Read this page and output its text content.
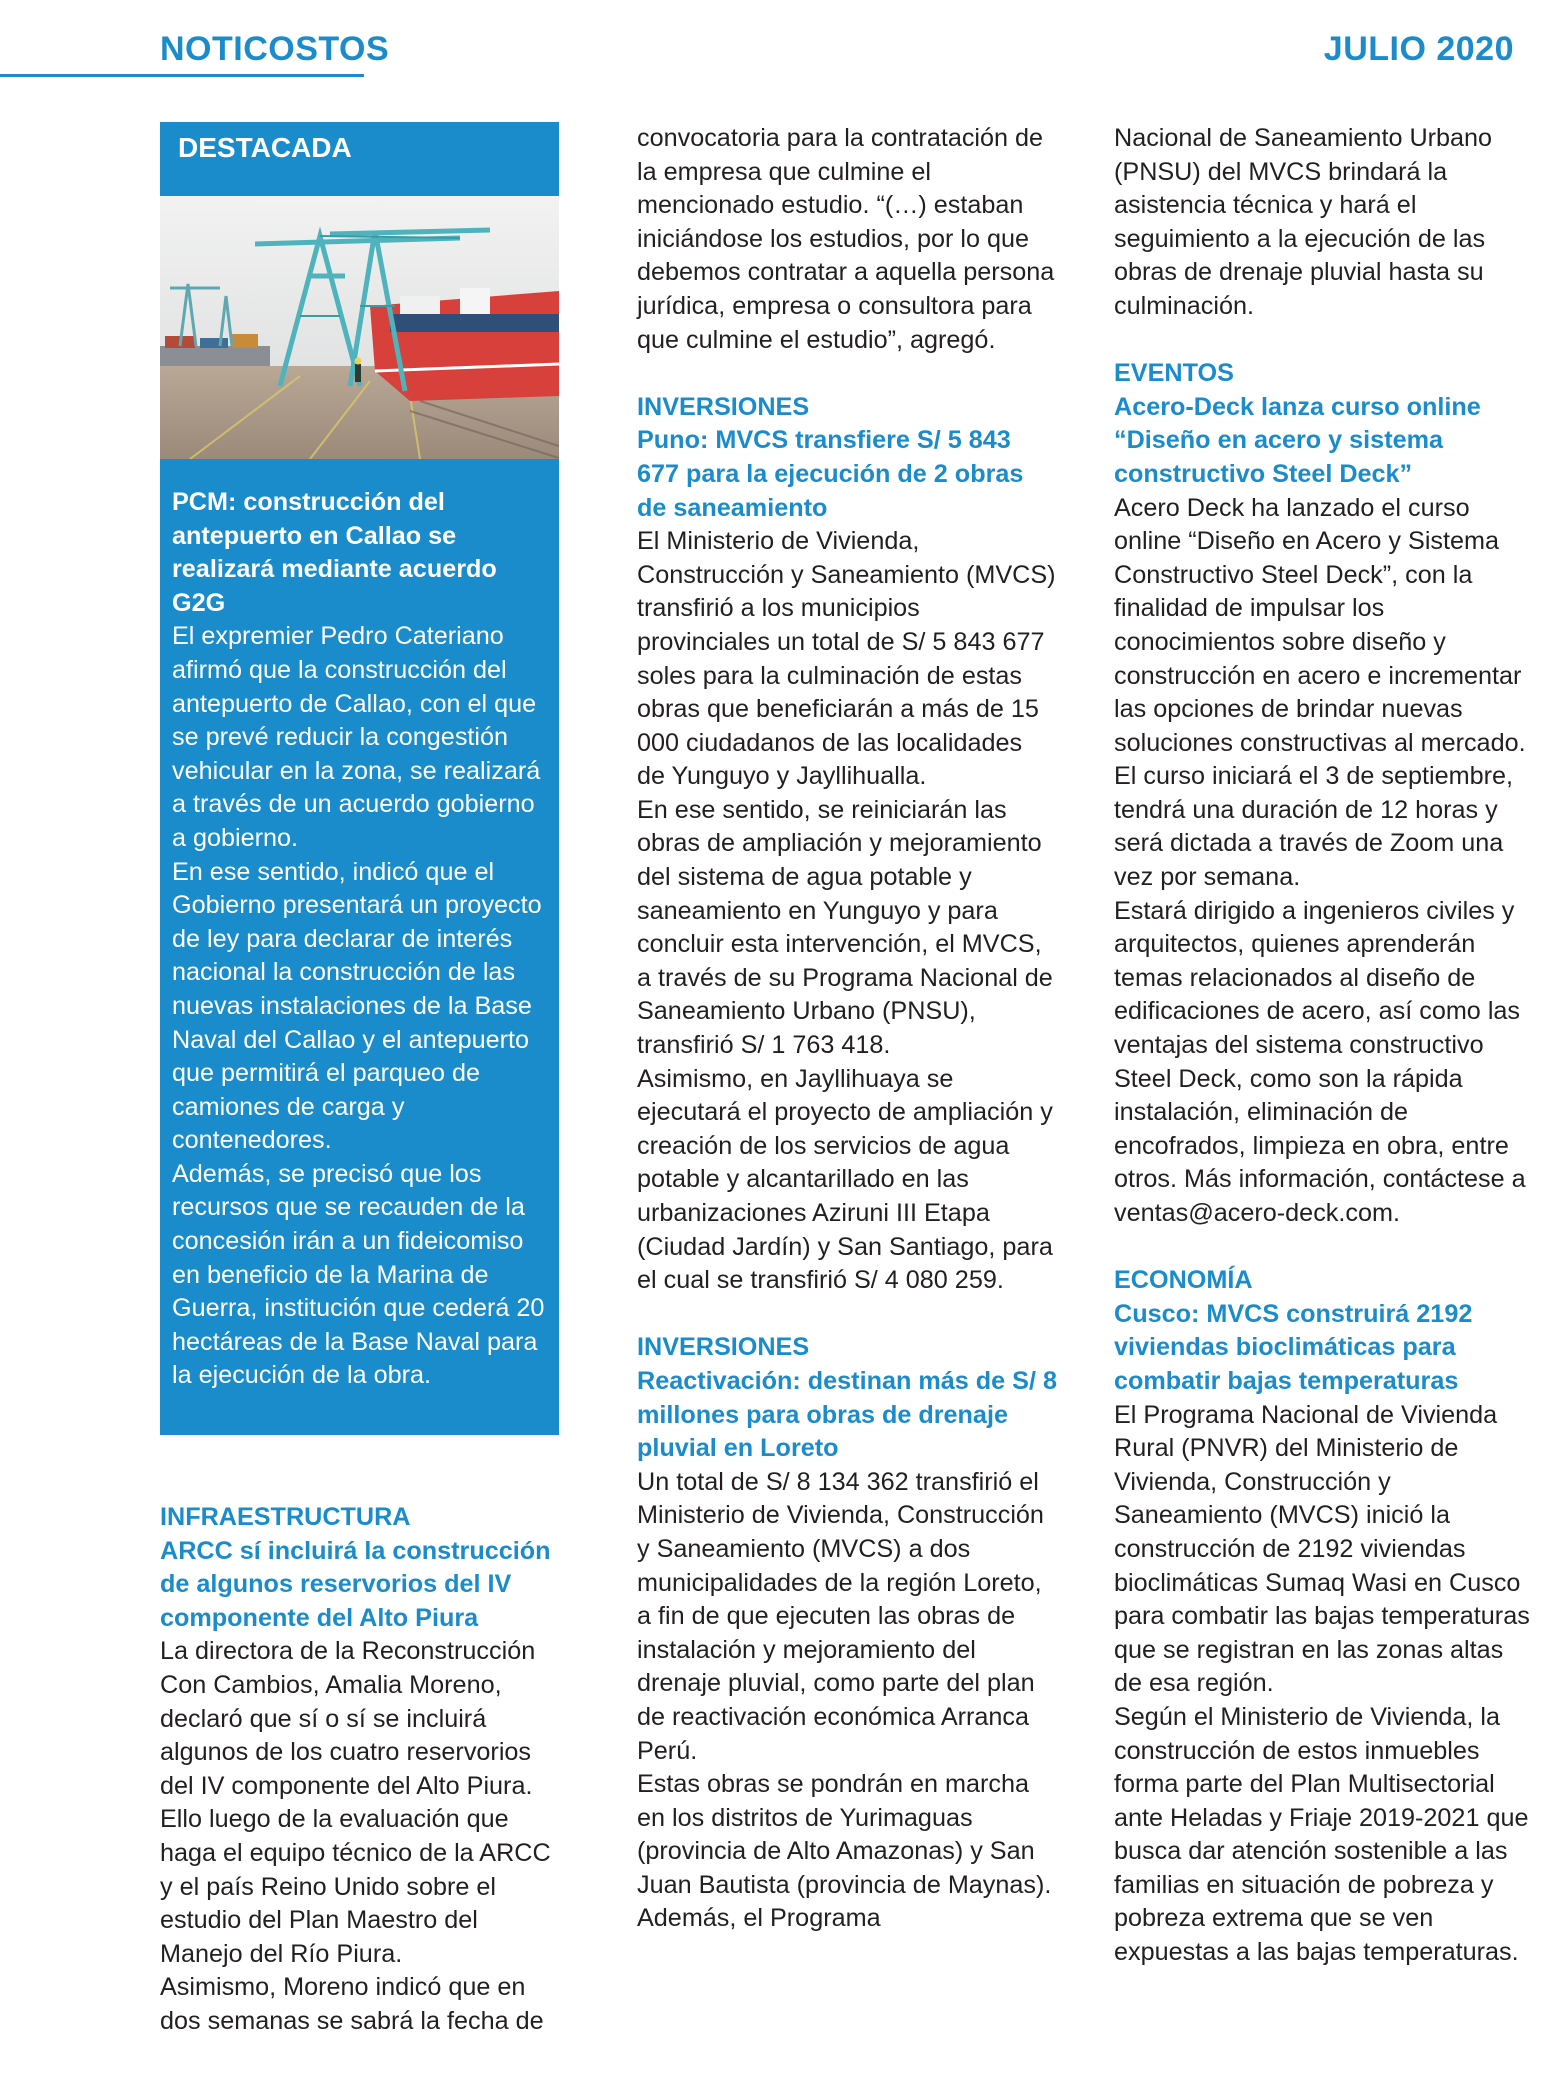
NOTICOSTOS	JULIO 2020
DESTACADA

PCM: construcción del antepuerto en Callao se realizará mediante acuerdo G2G

El expremier Pedro Cateriano afirmó que la construcción del antepuerto de Callao, con el que se prevé reducir la congestión vehicular en la zona, se realizará a través de un acuerdo gobierno a gobierno.

En ese sentido, indicó que el Gobierno presentará un proyecto de ley para declarar de interés nacional la construcción de las nuevas instalaciones de la Base Naval del Callao y el antepuerto que permitirá el parqueo de camiones de carga y contenedores.

Además, se precisó que los recursos que se recauden de la concesión irán a un fideicomiso en beneficio de la Marina de Guerra, institución que cederá 20 hectáreas de la Base Naval para la ejecución de la obra.

INFRAESTRUCTURA

ARCC sí incluirá la construcción de algunos reservorios del IV componente del Alto Piura

La directora de la Reconstrucción Con Cambios, Amalia Moreno, declaró que sí o sí se incluirá algunos de los cuatro reservorios del IV componente del Alto Piura.

Ello luego de la evaluación que haga el equipo técnico de la ARCC y el país Reino Unido sobre el estudio del Plan Maestro del Manejo del Río Piura.

Asimismo, Moreno indicó que en dos semanas se sabrá la fecha de

convocatoria para la contratación de la empresa que culmine el mencionado estudio. “(…) estaban iniciándose los estudios, por lo que debemos contratar a aquella persona jurídica, empresa o consultora para que culmine el estudio”, agregó.

INVERSIONES

Puno: MVCS transfiere S/ 5 843 677 para la ejecución de 2 obras de saneamiento

El Ministerio de Vivienda, Construcción y Saneamiento (MVCS) transfirió a los municipios provinciales un total de S/ 5 843 677 soles para la culminación de estas obras que beneficiarán a más de 15 000 ciudadanos de las localidades de Yunguyo y Jayllihualla.

En ese sentido, se reiniciarán las obras de ampliación y mejoramiento del sistema de agua potable y saneamiento en Yunguyo y para concluir esta intervención, el MVCS, a través de su Programa Nacional de Saneamiento Urbano (PNSU), transfirió S/ 1 763 418.

Asimismo, en Jayllihuaya se ejecutará el proyecto de ampliación y creación de los servicios de agua potable y alcantarillado en las urbanizaciones Aziruni III Etapa (Ciudad Jardín) y San Santiago, para el cual se transfirió S/ 4 080 259.

INVERSIONES

Reactivación: destinan más de S/ 8 millones para obras de drenaje pluvial en Loreto

Un total de S/ 8 134 362 transfirió el Ministerio de Vivienda, Construcción y Saneamiento (MVCS) a dos municipalidades de la región Loreto, a fin de que ejecuten las obras de instalación y mejoramiento del drenaje pluvial, como parte del plan de reactivación económica Arranca Perú.

Estas obras se pondrán en marcha en los distritos de Yurimaguas (provincia de Alto Amazonas) y San Juan Bautista (provincia de Maynas). Además, el Programa

Nacional de Saneamiento Urbano (PNSU) del MVCS brindará la asistencia técnica y hará el seguimiento a la ejecución de las obras de drenaje pluvial hasta su culminación.

EVENTOS

Acero-Deck lanza curso online “Diseño en acero y sistema constructivo Steel Deck”

Acero Deck ha lanzado el curso online “Diseño en Acero y Sistema Constructivo Steel Deck”, con la finalidad de impulsar los conocimientos sobre diseño y construcción en acero e incrementar las opciones de brindar nuevas soluciones constructivas al mercado. El curso iniciará el 3 de septiembre, tendrá una duración de 12 horas y será dictada a través de Zoom una vez por semana.

Estará dirigido a ingenieros civiles y arquitectos, quienes aprenderán temas relacionados al diseño de edificaciones de acero, así como las ventajas del sistema constructivo Steel Deck, como son la rápida instalación, eliminación de encofrados, limpieza en obra, entre otros. Más información, contáctese a ventas@acero-deck.com.

ECONOMÍA

Cusco: MVCS construirá 2192 viviendas bioclimáticas para combatir bajas temperaturas

El Programa Nacional de Vivienda Rural (PNVR) del Ministerio de Vivienda, Construcción y Saneamiento (MVCS) inició la construcción de 2192 viviendas bioclimáticas Sumaq Wasi en Cusco para combatir las bajas temperaturas que se registran en las zonas altas de esa región.

Según el Ministerio de Vivienda, la construcción de estos inmuebles forma parte del Plan Multisectorial ante Heladas y Friaje 2019-2021 que busca dar atención sostenible a las familias en situación de pobreza y pobreza extrema que se ven expuestas a las bajas temperaturas.
